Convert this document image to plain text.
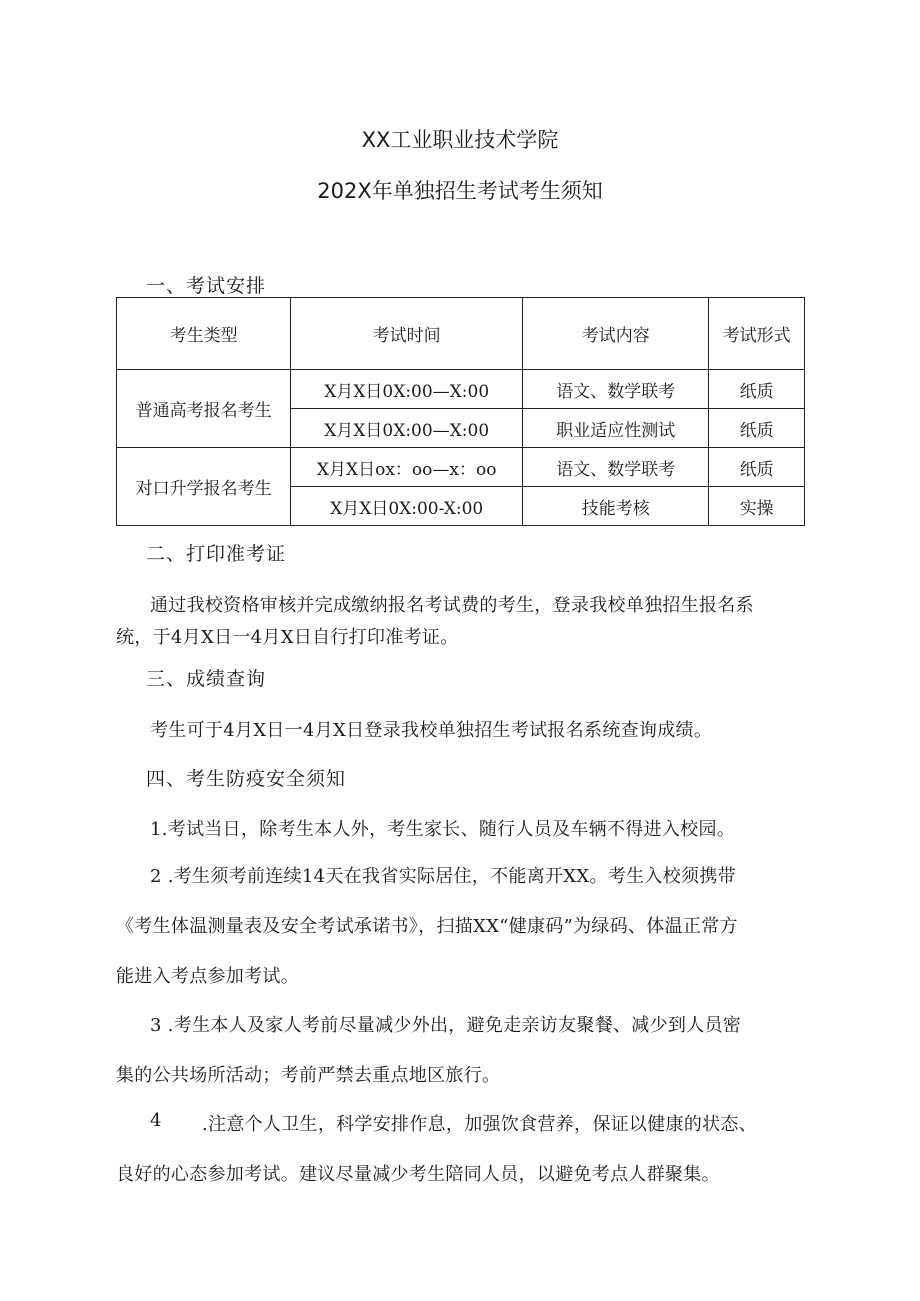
XX工业职业技术学院
202X年单独招生考试考生须知
一、考试安排
考生类型	考试时间	考试内容	考试形式
普通高考报名考生	X月X日0X:00—X:00	语文、数学联考	纸质
	X月X日0X:00—X:00	职业适应性测试	纸质
对口升学报名考生	X月X日ox：oo—x：oo	语文、数学联考	纸质
	X月X日0X:00-X:00	技能考核	实操
二、打印准考证
通过我校资格审核并完成缴纳报名考试费的考生，登录我校单独招生报名系
统，于4月X日一4月X日自行打印准考证。
三、成绩查询
考生可于4月X日一4月X日登录我校单独招生考试报名系统查询成绩。
四、考生防疫安全须知
1.考试当日，除考生本人外，考生家长、随行人员及车辆不得进入校园。
2 .考生须考前连续14天在我省实际居住，不能离开XX。考生入校须携带
《考生体温测量表及安全考试承诺书》，扫描XX“健康码”为绿码、体温正常方
能进入考点参加考试。
3 .考生本人及家人考前尽量减少外出，避免走亲访友聚餐、减少到人员密
集的公共场所活动；考前严禁去重点地区旅行。
4	.注意个人卫生，科学安排作息，加强饮食营养，保证以健康的状态、
良好的心态参加考试。建议尽量减少考生陪同人员，以避免考点人群聚集。
